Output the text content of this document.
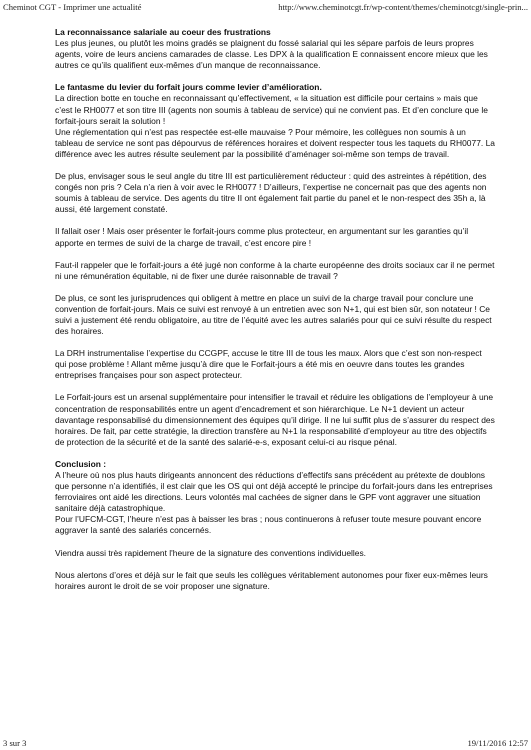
Cheminot CGT - Imprimer une actualité	http://www.cheminotcgt.fr/wp-content/themes/cheminotcgt/single-prin...

La reconnaissance salariale au coeur des frustrations
Les plus jeunes, ou plutôt les moins gradés se plaignent du fossé salarial qui les sépare parfois de leurs propres agents, voire de leurs anciens camarades de classe. Les DPX à la qualification E connaissent encore mieux que les autres ce qu’ils qualifient eux-mêmes d’un manque de reconnaissance.

Le fantasme du levier du forfait jours comme levier d’amélioration.
La direction botte en touche en reconnaissant qu’effectivement, « la situation est difficile pour certains » mais que c’est le RH0077 et son titre III (agents non soumis à tableau de service) qui ne convient pas. Et d’en conclure que le forfait-jours serait la solution !
Une réglementation qui n’est pas respectée est-elle mauvaise ? Pour mémoire, les collègues non soumis à un tableau de service ne sont pas dépourvus de références horaires et doivent respecter tous les taquets du RH0077. La différence avec les autres résulte seulement par la possibilité d’aménager soi-même son temps de travail.

De plus, envisager sous le seul angle du titre III est particulièrement réducteur : quid des astreintes à répétition, des congés non pris ? Cela n’a rien à voir avec le RH0077 ! D’ailleurs, l’expertise ne concernait pas que des agents non soumis à tableau de service. Des agents du titre II ont également fait partie du panel et le non-respect des 35h a, là aussi, été largement constaté.

Il fallait oser ! Mais oser présenter le forfait-jours comme plus protecteur, en argumentant sur les garanties qu’il apporte en termes de suivi de la charge de travail, c’est encore pire !

Faut-il rappeler que le forfait-jours a été jugé non conforme à la charte européenne des droits sociaux car il ne permet ni une rémunération équitable, ni de fixer une durée raisonnable de travail ?

De plus, ce sont les jurisprudences qui obligent à mettre en place un suivi de la charge travail pour conclure une convention de forfait-jours. Mais ce suivi est renvoyé à un entretien avec son N+1, qui est bien sûr, son notateur ! Ce suivi a justement été rendu obligatoire, au titre de l’équité avec les autres salariés pour qui ce suivi résulte du respect des horaires.

La DRH instrumentalise l’expertise du CCGPF, accuse le titre III de tous les maux. Alors que c’est son non-respect qui pose problème ! Allant même jusqu’à dire que le Forfait-jours a été mis en oeuvre dans toutes les grandes entreprises françaises pour son aspect protecteur.

Le Forfait-jours est un arsenal supplémentaire pour intensifier le travail et réduire les obligations de l’employeur à une concentration de responsabilités entre un agent d’encadrement et son hiérarchique. Le N+1 devient un acteur davantage responsabilisé du dimensionnement des équipes qu’il dirige. Il ne lui suffit plus de s’assurer du respect des horaires. De fait, par cette stratégie, la direction transfère au N+1 la responsabilité d’employeur au titre des objectifs de protection de la sécurité et de la santé des salarié-e-s, exposant celui-ci au risque pénal.

Conclusion :
A l’heure où nos plus hauts dirigeants annoncent des réductions d’effectifs sans précédent au prétexte de doublons que personne n’a identifiés, il est clair que les OS qui ont déjà accepté le principe du forfait-jours dans les entreprises ferroviaires ont aidé les directions. Leurs volontés mal cachées de signer dans le GPF vont aggraver une situation sanitaire déjà catastrophique.
Pour l’UFCM-CGT, l’heure n’est pas à baisser les bras ; nous continuerons à refuser toute mesure pouvant encore aggraver la santé des salariés concernés.

Viendra aussi très rapidement l'heure de la signature des conventions individuelles.

Nous alertons d’ores et déjà sur le fait que seuls les collègues véritablement autonomes pour fixer eux-mêmes leurs horaires auront le droit de se voir proposer une signature.

3 sur 3	19/11/2016 12:57
